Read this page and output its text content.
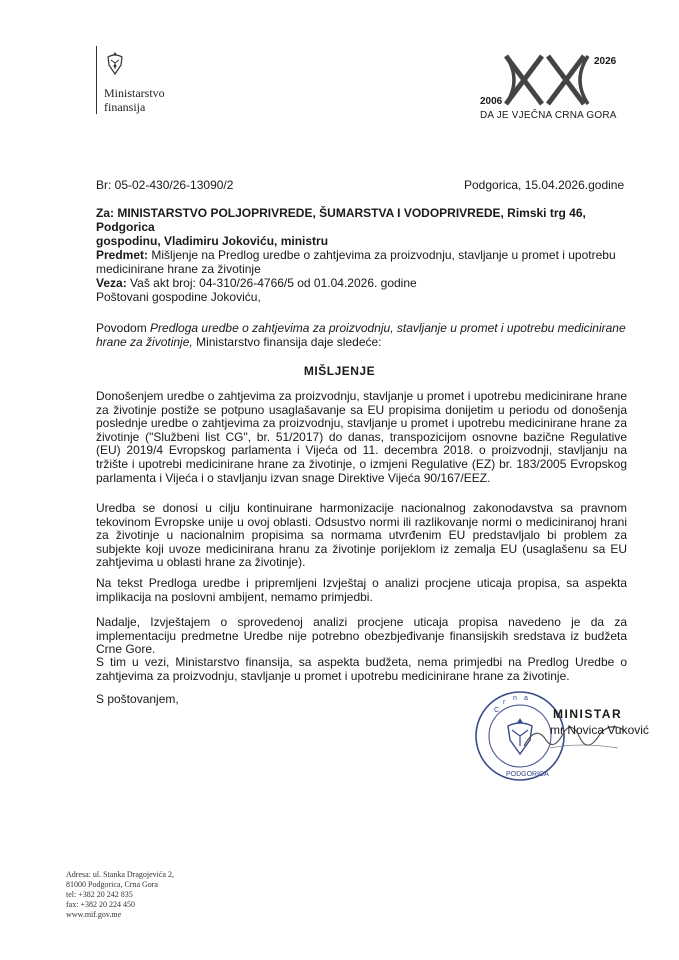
Ministarstvo
finansija	2006
2026
DA JE VJEČNA CRNA GORA
Br: 05-02-430/26-13090/2	Podgorica, 15.04.2026.godine
Za: MINISTARSTVO POLJOPRIVREDE, ŠUMARSTVA I VODOPRIVREDE, Rimski trg 46, Podgorica
gospodinu, Vladimiru Jokoviću, ministru
Predmet: Mišljenje na Predlog uredbe o zahtjevima za proizvodnju, stavljanje u promet i upotrebu medicinirane hrane za životinje
Veza: Vaš akt broj: 04-310/26-4766/5 od 01.04.2026. godine
Poštovani gospodine Jokoviću,
Povodom Predloga uredbe o zahtjevima za proizvodnju, stavljanje u promet i upotrebu medicinirane hrane za životinje, Ministarstvo finansija daje sledeće:
MIŠLJENJE

Donošenjem uredbe o zahtjevima za proizvodnju, stavljanje u promet i upotrebu medicinirane hrane za životinje postiže se potpuno usaglašavanje sa EU propisima donijetim u periodu od donošenja poslednje uredbe o zahtjevima za proizvodnju, stavljanje u promet i upotrebu medicinirane hrane za životinje ("Službeni list CG", br. 51/2017) do danas, transpozicijom osnovne bazične Regulative (EU) 2019/4 Evropskog parlamenta i Vijeća od 11. decembra 2018. o proizvodnji, stavljanju na tržište i upotrebi medicinirane hrane za životinje, o izmjeni Regulative (EZ) br. 183/2005 Evropskog parlamenta i Vijeća i o stavljanju izvan snage Direktive Vijeća 90/167/EEZ.

Uredba se donosi u cilju kontinuirane harmonizacije nacionalnog zakonodavstva sa pravnom tekovinom Evropske unije u ovoj oblasti. Odsustvo normi ili razlikovanje normi o mediciniranoj hrani za životinje u nacionalnim propisima sa normama utvrđenim EU predstavljalo bi problem za subjekte koji uvoze medicinirana hranu za životinje porijeklom iz zemalja EU (usaglašenu sa EU zahtjevima u oblasti hrane za životinje).

Na tekst Predloga uredbe i pripremljeni Izvještaj o analizi procjene uticaja propisa, sa aspekta implikacija na poslovni ambijent, nemamo primjedbi.

Nadalje, Izvještajem o sprovedenoj analizi procjene uticaja propisa navedeno je da za implementaciju predmetne Uredbe nije potrebno obezbjeđivanje finansijskih sredstava iz budžeta Crne Gore.

S tim u vezi, Ministarstvo finansija, sa aspekta budžeta, nema primjedbi na Predlog Uredbe o zahtjevima za proizvodnju, stavljanje u promet i upotrebu medicinirane hrane za životinje.

S poštovanjem,
C
r
n a
PODGORICA
MINISTAR
mr Novica Vuković
Adresa: ul. Stanka Dragojevića 2,
81000 Podgorica, Crna Gora
tel: +382 20 242 835
fax: +382 20 224 450
www.mif.gov.me
